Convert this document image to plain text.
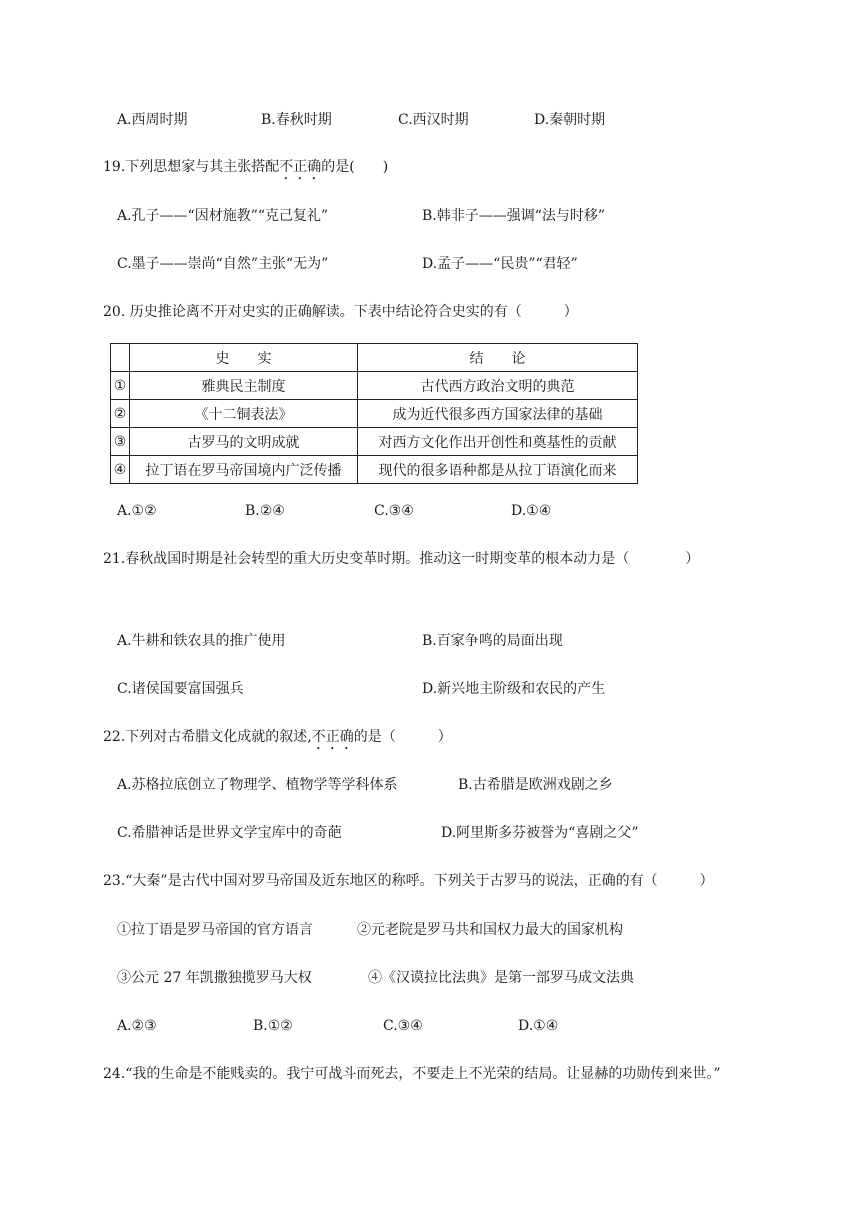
A.西周时期	B.春秋时期	C.西汉时期	D.秦朝时期
19.下列思想家与其主张搭配不正确的是(　　)
A.孔子——“因材施教”“克己复礼”	B.韩非子——强调“法与时移”
C.墨子——崇尚“自然”主张“无为”	D.孟子——“民贵”“君轻”
20. 历史推论离不开对史实的正确解读。下表中结论符合史实的有（　　　）
	史　　实	结　　论
①	雅典民主制度	古代西方政治文明的典范
②	《十二铜表法》	成为近代很多西方国家法律的基础
③	古罗马的文明成就	对西方文化作出开创性和奠基性的贡献
④	拉丁语在罗马帝国境内广泛传播	现代的很多语种都是从拉丁语演化而来
A.①②	B.②④	C.③④	D.①④
21.春秋战国时期是社会转型的重大历史变革时期。推动这一时期变革的根本动力是（　　　　）
A.牛耕和铁农具的推广使用	B.百家争鸣的局面出现
C.诸侯国要富国强兵	D.新兴地主阶级和农民的产生
22.下列对古希腊文化成就的叙述,不正确的是（　　　）
A.苏格拉底创立了物理学、植物学等学科体系	B.古希腊是欧洲戏剧之乡
C.希腊神话是世界文学宝库中的奇葩	D.阿里斯多芬被誉为“喜剧之父”
23.“大秦”是古代中国对罗马帝国及近东地区的称呼。下列关于古罗马的说法，正确的有（　　　）
①拉丁语是罗马帝国的官方语言	②元老院是罗马共和国权力最大的国家机构
③公元 27 年凯撒独揽罗马大权	④《汉谟拉比法典》是第一部罗马成文法典
A.②③	B.①②	C.③④	D.①④
24.“我的生命是不能贱卖的。我宁可战斗而死去，不要走上不光荣的结局。让显赫的功勋传到来世。”
